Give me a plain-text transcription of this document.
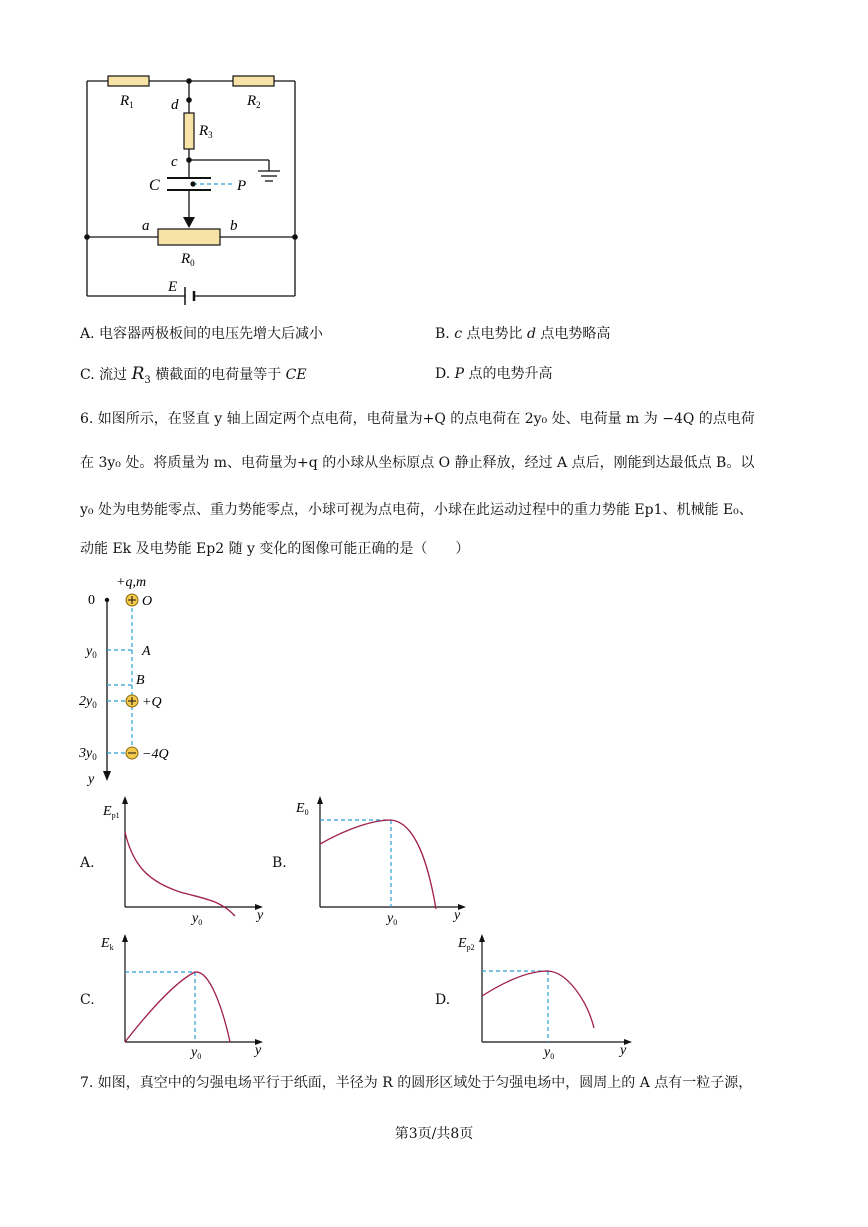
$R_1$	$R_2$
d
$R_3$
c
C	P
a	b
$R_0$
E
A. 电容器两极板间的电压先增大后减小	B. c 点电势比 d 点电势略高
C. 流过 $R_3$ 横截面的电荷量等于 CE	D. P 点的电势升高
6. 如图所示，在竖直 y 轴上固定两个点电荷，电荷量为+Q 的点电荷在 2y₀ 处、电荷量 m 为 −4Q 的点电荷
在 3y₀ 处。将质量为 m、电荷量为+q 的小球从坐标原点 O 静止释放，经过 A 点后，刚能到达最低点 B。以
y₀ 处为电势能零点、重力势能零点，小球可视为点电荷，小球在此运动过程中的重力势能 Ep1、机械能 E₀、
动能 Ek 及电势能 Ep2 随 y 变化的图像可能正确的是（　　）
+q,m
0	O
$y_0$	A
B
$2y_0$	+Q
$3y_0$	−4Q
y
A.	B.
C.	D.
$E_{p1}$
$y_0$	y
$E_0$
$y_0$	y
$E_k$
$y_0$	y
$E_{p2}$
$y_0$	y
7. 如图，真空中的匀强电场平行于纸面，半径为 R 的圆形区域处于匀强电场中，圆周上的 A 点有一粒子源，
第3页/共8页
